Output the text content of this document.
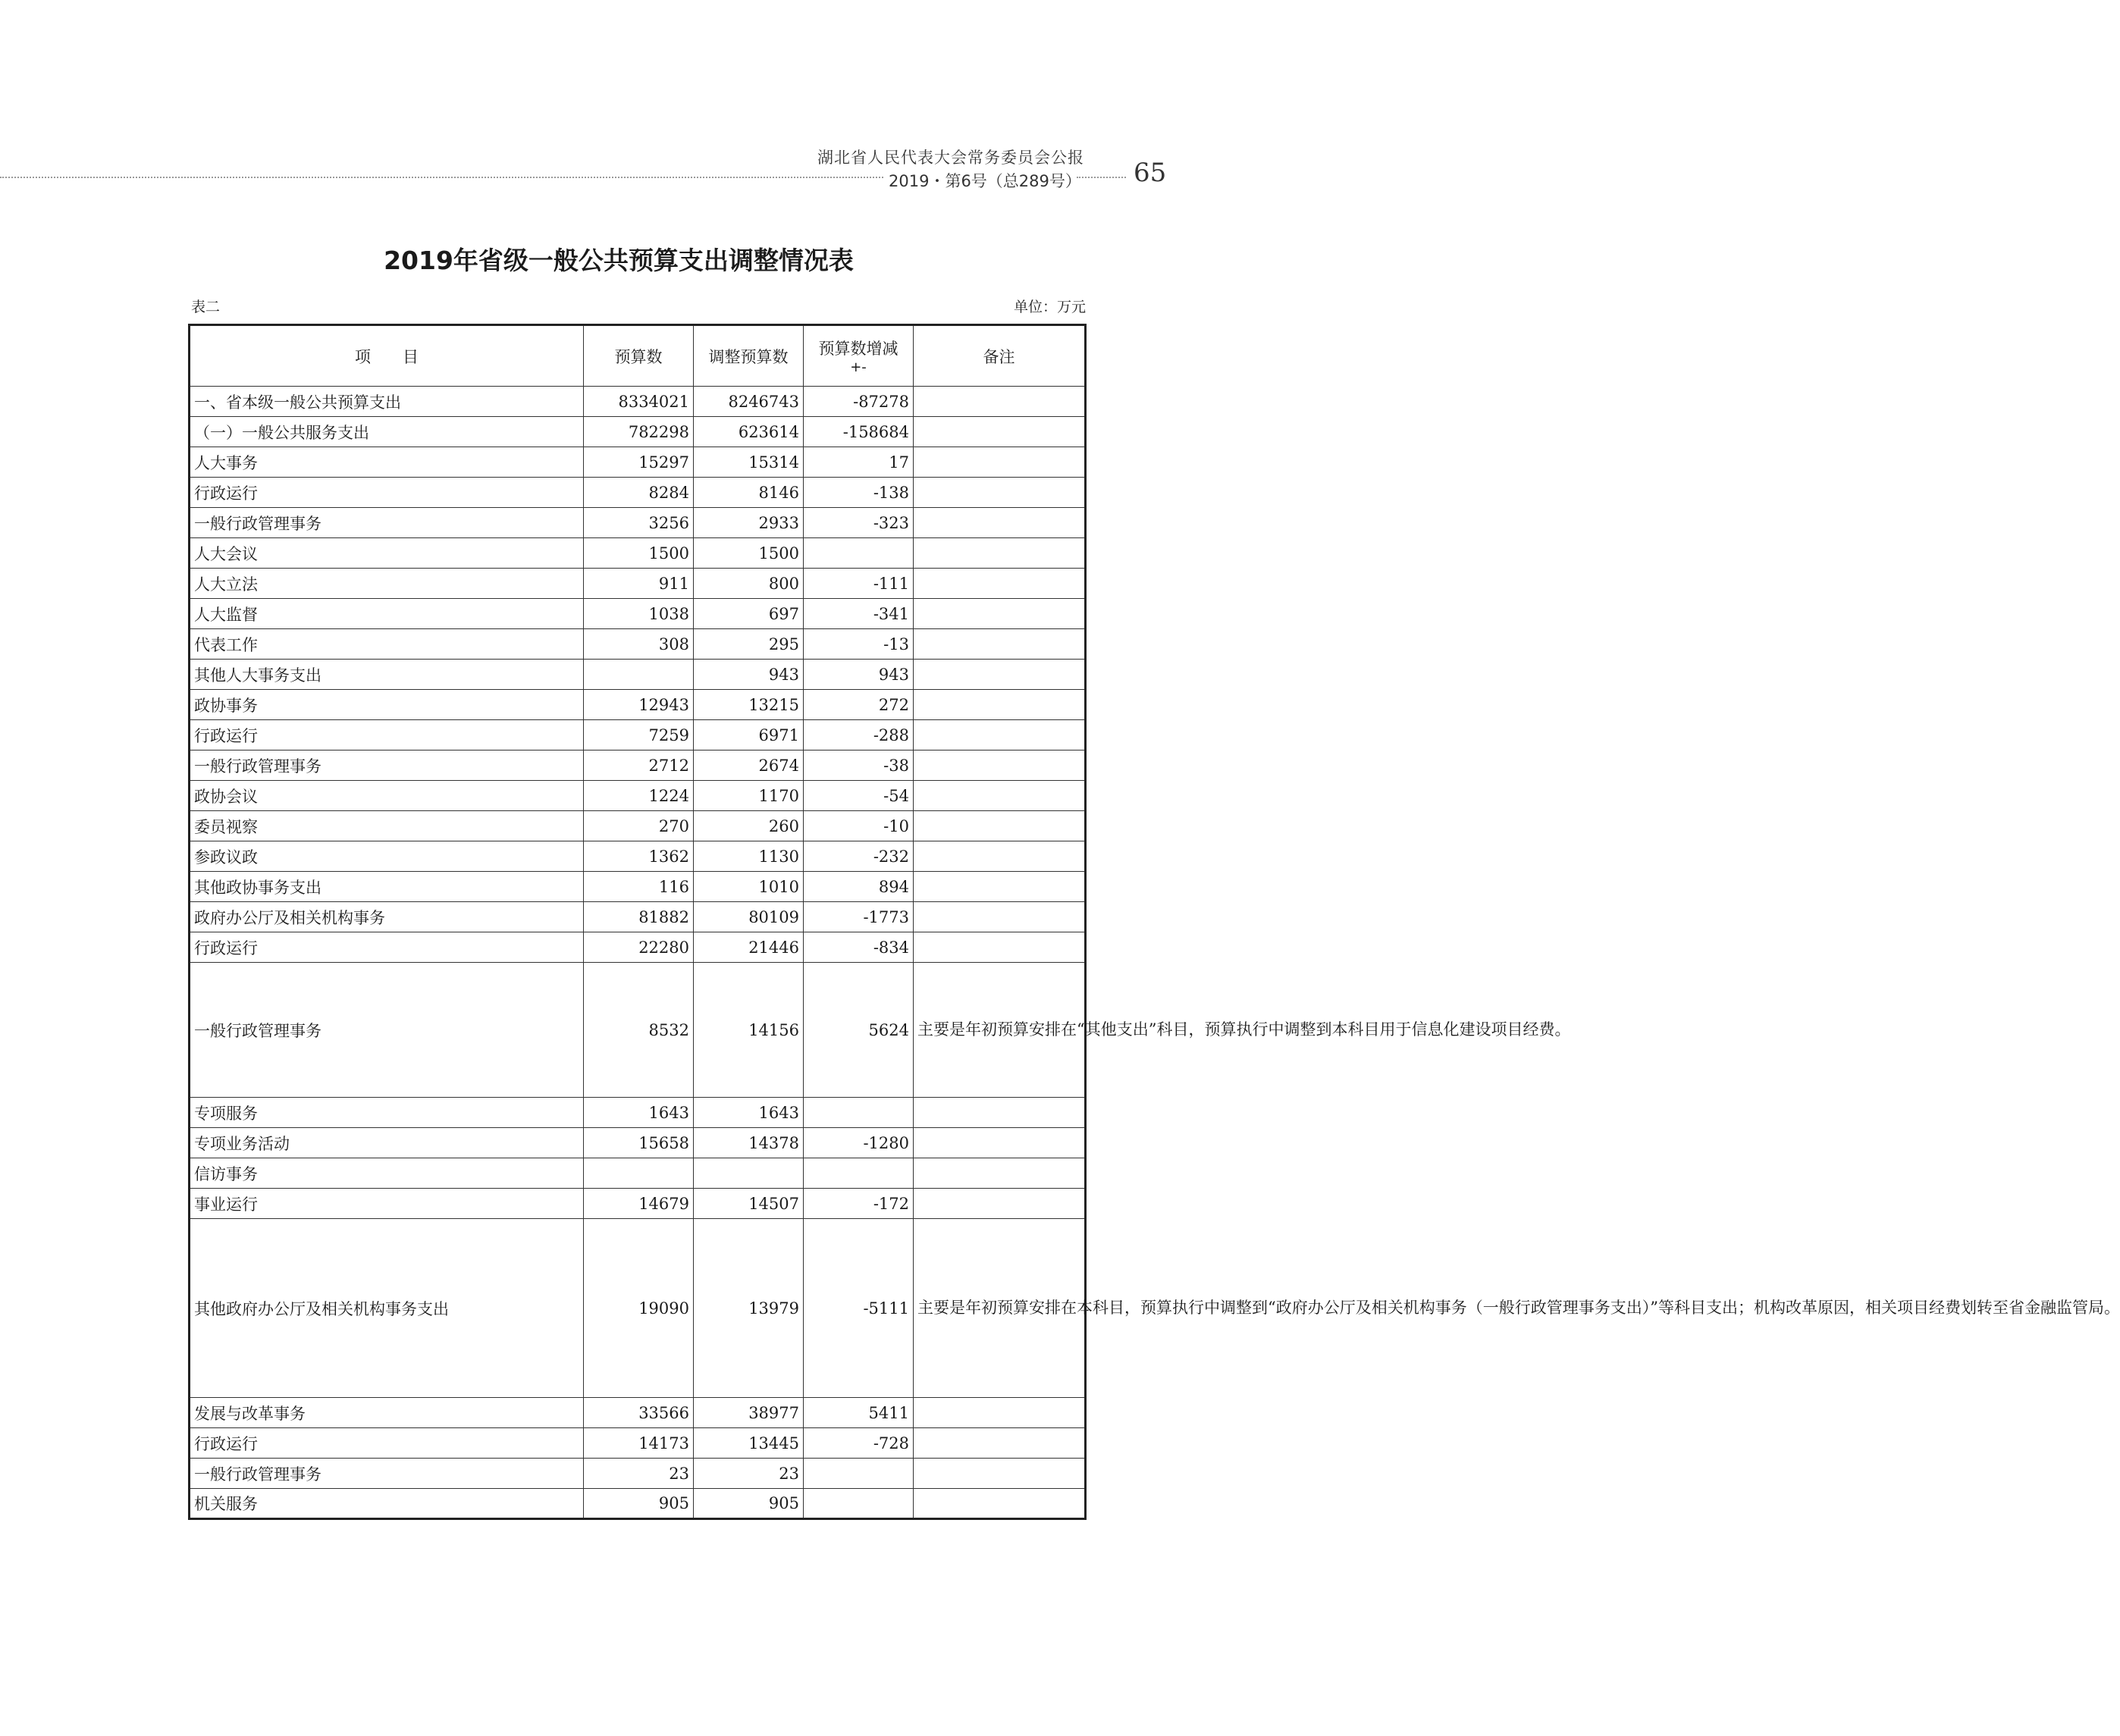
湖北省人民代表大会常务委员会公报
2019・第6号（总289号） 65
2019年省级一般公共预算支出调整情况表
表二	单位：万元
项　　目	预算数	调整预算数	预算数增减
+-	备注
一、省本级一般公共预算支出	8334021	8246743	-87278	
（一）一般公共服务支出	782298	623614	-158684	
人大事务	15297	15314	17	
行政运行	8284	8146	-138	
一般行政管理事务	3256	2933	-323	
人大会议	1500	1500		
人大立法	911	800	-111	
人大监督	1038	697	-341	
代表工作	308	295	-13	
其他人大事务支出		943	943	
政协事务	12943	13215	272	
行政运行	7259	6971	-288	
一般行政管理事务	2712	2674	-38	
政协会议	1224	1170	-54	
委员视察	270	260	-10	
参政议政	1362	1130	-232	
其他政协事务支出	116	1010	894	
政府办公厅及相关机构事务	81882	80109	-1773	
行政运行	22280	21446	-834	
一般行政管理事务	8532	14156	5624	主要是年初预算安排在“其他支出”科目，预算执行中调整到本科目用于信息化建设项目经费。
专项服务	1643	1643		
专项业务活动	15658	14378	-1280	
信访事务				
事业运行	14679	14507	-172	
其他政府办公厅及相关机构事务支出	19090	13979	-5111	主要是年初预算安排在本科目，预算执行中调整到“政府办公厅及相关机构事务（一般行政管理事务支出）”等科目支出；机构改革原因，相关项目经费划转至省金融监管局。
发展与改革事务	33566	38977	5411	
行政运行	14173	13445	-728	
一般行政管理事务	23	23		
机关服务	905	905		
